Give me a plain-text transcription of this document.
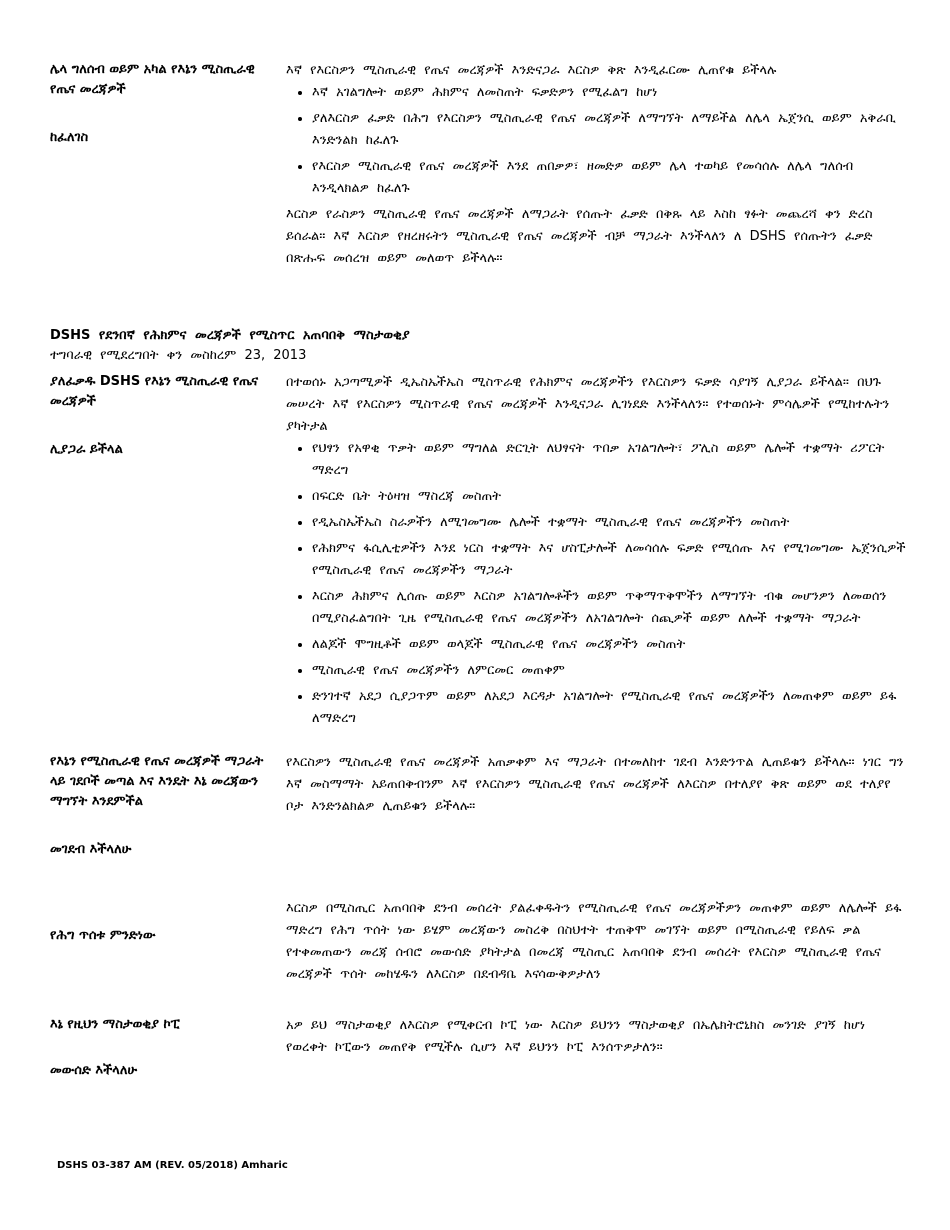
ሌላ ግለሰብ ወይም አካል የእኔን ሚስጢራዊ የጤና መረጃዎች
ከፈለገስ

እኛ የእርስዎን ሚስጢራዊ የጤና መረጃዎች እንድናጋራ እርስዎ ቅጽ እንዲፈርሙ ሊጠየቁ ይችላሉ

• እኛ አገልግሎት ወይም ሕክምና ለመስጠት ፍቃድዎን የሚፈልግ ከሆነ
• ያለእርስዎ ፈቃድ በሕግ የእርስዎን ሚስጢራዊ የጤና መረጃዎች ለማግኘት ለማይችል ለሌላ ኤጀንሲ ወይም አቅራቢ እንድንልክ ከፈለጉ
• የእርስዎ ሚስጢራዊ የጤና መረጃዎች እንደ ጠበቃዎ፣ ዘመድዎ ወይም ሌላ ተወካይ የመሳሰሉ ለሌላ ግለሰብ እንዲላክልዎ ከፈለጉ

እርስዎ የራስዎን ሚስጢራዊ የጤና መረጃዎች ለማጋራት የሰጡት ፈቃድ በቅጹ ላይ እስከ ፃፉት መጨረሻ ቀን ድረስ ይሰራል። እኛ እርስዎ የዘረዘሩትን ሚስጢራዊ የጤና መረጃዎች ብቻ ማጋራት እንችላለን ለ DSHS የሰጡትን ፈቃድ በጽሑፍ መሰረዝ ወይም መለወጥ ይችላሉ።

DSHS የደንበኛ የሕክምና መረጃዎች የሚስጥር አጠባበቅ ማስታወቂያ
ተግባራዊ የሚደረግበት ቀን መስከረም 23, 2013
ያለፈቃዱ DSHS የእኔን ሚስጢራዊ የጤና መረጃዎች
ሊያጋራ ይችላል

በተወሰኑ አጋጣሚዎች ዲኤስኤችኤስ ሚስጥራዊ የሕክምና መረጃዎችን የእርስዎን ፍቃድ ሳያገኝ ሊያጋራ ይችላል። በህጉ መሠረት እኛ የእርስዎን ሚስጥራዊ የጤና መረጃዎች እንዲናጋራ ሊገነደድ እንችላለን። የተወሰኑት ምሳሌዎች የሚከተሉትን ያካትታል

• የህፃን የአዋቂ ጥቃት ወይም ማግለል ድርጊት ለህፃናት ጥበቃ አገልግሎት፣ ፖሊስ ወይም ሌሎች ተቋማት ሪፖርት ማድረግ
• በፍርድ ቤት ትዕዛዝ ማስረጃ መስጠት
• የዲኤስኤችኤስ ስራዎችን ለሚገመግሙ ሌሎች ተቋማት ሚስጢራዊ የጤና መረጃዎችን መስጠት
• የሕክምና ፋሲሊቲዎችን እንደ ነርስ ተቋማት እና ሆስፒታሎች ለመሳሰሉ ፍቃድ የሚሰጡ እና የሚገመግሙ ኤጀንሲዎች የሚስጢራዊ የጤና መረጃዎችን ማጋራት
• እርስዎ ሕክምና ሊሰጡ ወይም እርስዎ አገልግሎቶችን ወይም ጥቅማጥቅሞችን ለማግኘት ብቁ መሆንዎን ለመወሰን በሚያስፈልግበት ጊዜ የሚስጢራዊ የጤና መረጃዎችን ለአገልግሎት ሰጪዎች ወይም ለሎች ተቋማት ማጋራት
• ለልጆች ሞግዚቶች ወይም ወላጆች ሚስጢራዊ የጤና መረጃዎችን መስጠት
• ሚስጢራዊ የጤና መረጃዎችን ለምርመር መጠቀም
• ድንገተኛ አደጋ ሲያጋጥም ወይም ለአደጋ እርዳታ አገልግሎት የሚስጢራዊ የጤና መረጃዎችን ለመጠቀም ወይም ይፋ ለማድረግ
የእኔን የሚስጢራዊ የጤና መረጃዎች ማጋራት ላይ ገደቦች መጣል እና እንዴት እኔ መረጃውን ማግኘት እንደምችል
መገደብ እችላለሁ

የእርስዎን ሚስጢራዊ የጤና መረጃዎች አጠቃቀም እና ማጋራት በተመለከተ ገደብ እንድንጥል ሊጠይቁን ይችላሉ። ነገር ግን እኛ መስማማት አይጠበቅብንም እኛ የእርስዎን ሚስጢራዊ የጤና መረጃዎች ለእርስዎ በተለያየ ቅጽ ወይም ወደ ተለያየ ቦታ እንድንልክልዎ ሊጠይቁን ይችላሉ።

የሕግ ጥሰቱ ምንድነው

እርስዎ በሚስጢር አጠባበቅ ደንብ መሰረት ያልፈቀዱትን የሚስጢራዊ የጤና መረጃዎችዎን መጠቀም ወይም ለሌሎች ይፋ ማድረግ የሕግ ጥሰት ነው ይሄም መረጃውን መስረቅ በስህተት ተጠቅሞ መገኘት ወይም በሚስጢራዊ የይለፍ ቃል የተቀመጠውን መረጃ ሰብሮ መውሰድ ያካትታል በመረጃ ሚስጢር አጠባበቅ ደንብ መሰረት የእርስዎ ሚስጢራዊ የጤና መረጃዎች ጥሰት መከሄዱን ለእርስዎ በደብዳቤ እናሳውቅዎታለን

እኔ የዚህን ማስታወቂያ ኮፒ
መውሰድ እችላለሁ

አዎ ይህ ማስታወቂያ ለእርስዎ የሚቀርብ ኮፒ ነው እርስዎ ይህንን ማስታወቂያ በኤሌክትሮኒክስ መንገድ ያገኝ ከሆነ የወረቀት ኮፒውን መጠየቅ የሚችሉ ሲሆን እኛ ይህንን ኮፒ እንሰጥዎታለን።

DSHS 03-387 AM (REV. 05/2018) Amharic
